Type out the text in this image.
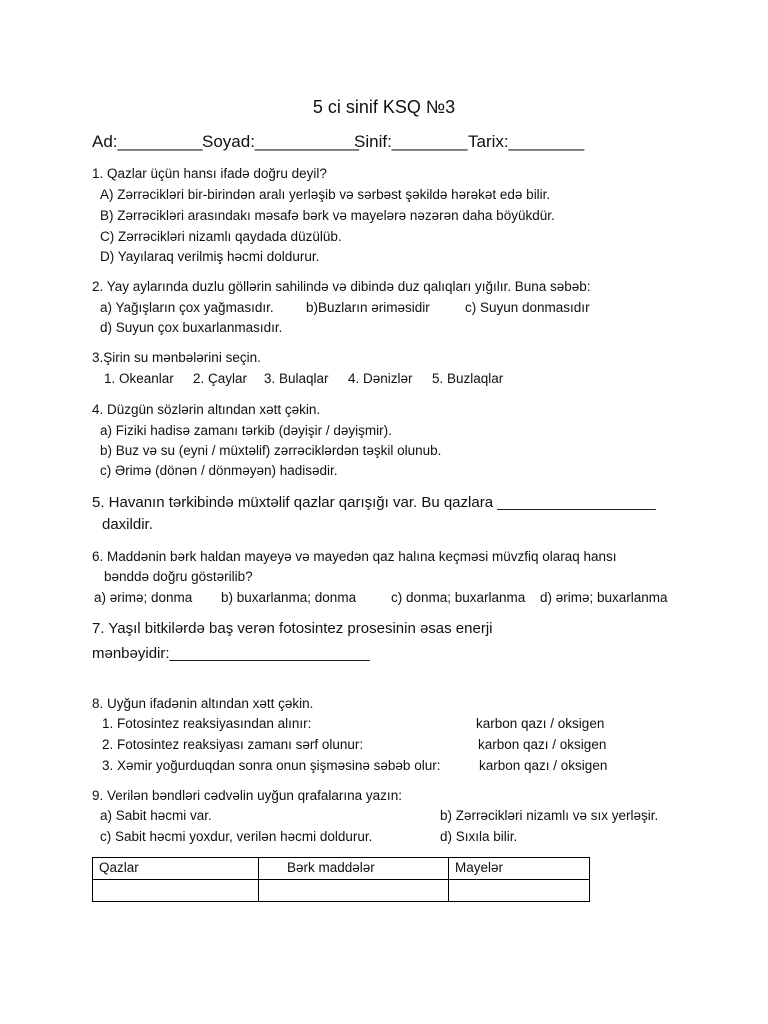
5 ci sinif KSQ №3
Ad:_________ Soyad:___________
Sinif:________ Tarix:________
1. Qazlar üçün hansı ifadə doğru deyil?
A) Zərrəcikləri bir-birindən aralı yerləşib və sərbəst şəkildə hərəkət edə bilir.
B) Zərrəcikləri arasındakı məsafə bərk və mayelərə nəzərən daha böyükdür.
C) Zərrəcikləri nizamlı qaydada düzülüb.
D) Yayılaraq verilmiş həcmi doldurur.
2. Yay aylarında duzlu göllərin sahilində və dibində duz qalıqları yığılır. Buna səbəb:
a) Yağışların çox yağmasıdır. b)Buzların əriməsidir	c) Suyun donmasıdır
d) Suyun çox buxarlanmasıdır.
3.Şirin su mənbələrini seçin.
1. Okeanlar 2. Çaylar 3. Bulaqlar 4. Dənizlər 5. Buzlaqlar
4. Düzgün sözlərin altından xətt çəkin.
a) Fiziki hadisə zamanı tərkib (dəyişir / dəyişmir).
b) Buz və su (eyni / müxtəlif) zərrəciklərdən təşkil olunub.
c) Ərimə (dönən / dönməyən) hadisədir.
5. Havanın tərkibində müxtəlif qazlar qarışığı var. Bu qazlara ___________________
daxildir.
6. Maddənin bərk haldan mayeyə və mayedən qaz halına keçməsi müvzfiq olaraq hansı
bənddə doğru göstərilib?
a) ərimə; donma b) buxarlanma; donma	c) donma; buxarlanma d) ərimə; buxarlanma
7. Yaşıl bitkilərdə baş verən fotosintez prosesinin əsas enerji
mənbəyidir:________________________
8. Uyğun ifadənin altından xətt çəkin.
1. Fotosintez reaksiyasından alınır:	karbon qazı / oksigen
2. Fotosintez reaksiyası zamanı sərf olunur:	karbon qazı / oksigen
3. Xəmir yoğurduqdan sonra onun şişməsinə səbəb olur:	karbon qazı / oksigen
9. Verilən bəndləri cədvəlin uyğun qrafalarına yazın:
a) Sabit həcmi var.	b) Zərrəcikləri nizamlı və sıx yerləşir.
c) Sabit həcmi yoxdur, verilən həcmi doldurur.	d) Sıxıla bilir.
Qazlar	Bərk maddələr	Mayelər
